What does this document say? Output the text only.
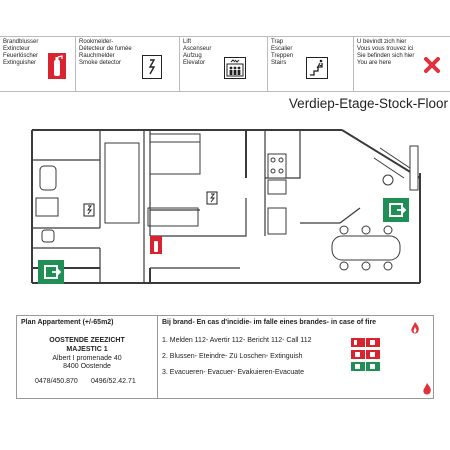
Brandblusser
Extincteur
Feuerlöscher
Extinguisher
Rookmelder-
Détecteur de fumée
Rauchmelder
Smoke detector
Lift
Ascenseur
Aufzug
Elevator
Trap
Escalier
Treppen
Stairs
U bevindt zich hier
Vous vous trouvez ici
Sie befinden sich hier
You are here
Verdiep-Etage-Stock-Floor
Plan Appartement (+/-65m2)
OOSTENDE ZEEZICHT
MAJESTIC 1
Albert I promenade 40
8400 Oostende
0478/450.870 0496/52.42.71
Bij brand- En cas d'incidie- im falle eines brandes- in case of fire
1. Melden 112- Avertir 112- Bericht 112- Call 112
2. Blussen- Eteindre- Zü Loschen- Extinguish
3. Evacueren- Evacuer- Evakuieren-Evacuate
